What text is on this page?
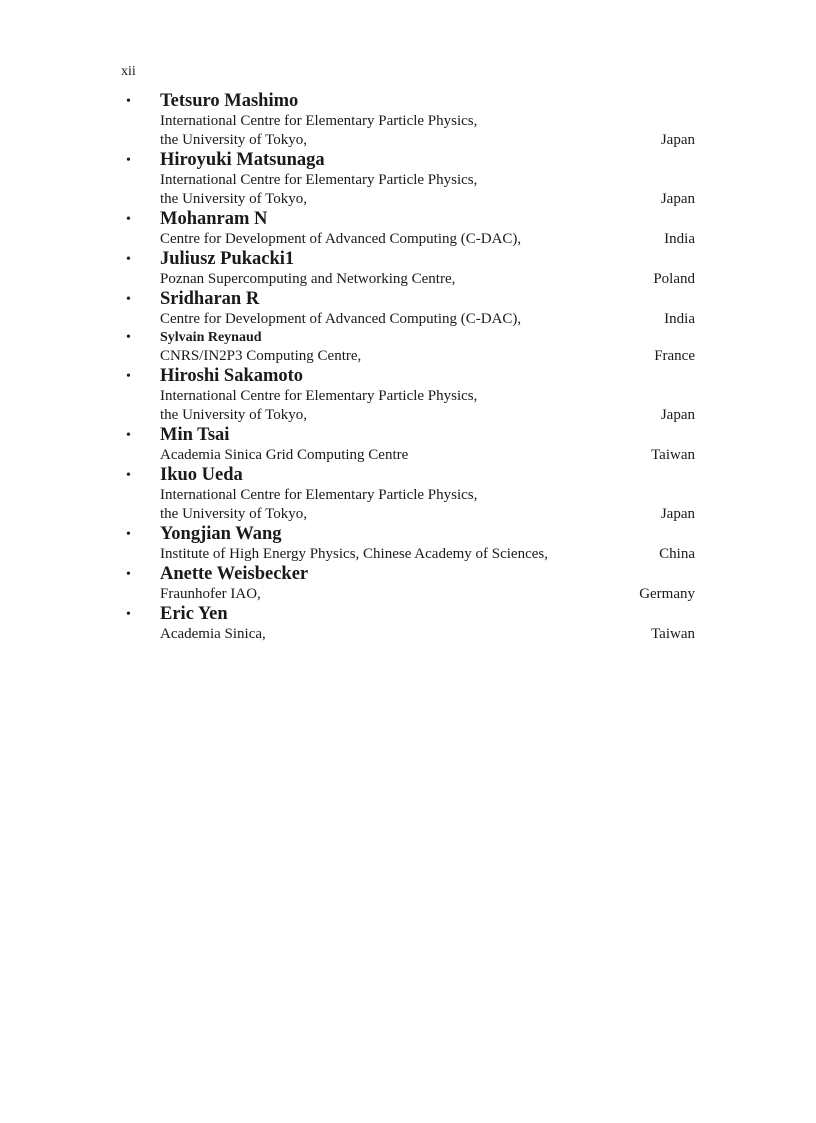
xii
• Tetsuro Mashimo
International Centre for Elementary Particle Physics,
the University of Tokyo,	Japan
• Hiroyuki Matsunaga
International Centre for Elementary Particle Physics,
the University of Tokyo,	Japan
• Mohanram N
Centre for Development of Advanced Computing (C-DAC),	India
• Juliusz Pukacki1
Poznan Supercomputing and Networking Centre,	Poland
• Sridharan R
Centre for Development of Advanced Computing (C-DAC),	India
• Sylvain Reynaud
CNRS/IN2P3 Computing Centre,	France
• Hiroshi Sakamoto
International Centre for Elementary Particle Physics,
the University of Tokyo,	Japan
• Min Tsai
Academia Sinica Grid Computing Centre	Taiwan
• Ikuo Ueda
International Centre for Elementary Particle Physics,
the University of Tokyo,	Japan
• Yongjian Wang
Institute of High Energy Physics, Chinese Academy of Sciences,	China
• Anette Weisbecker
Fraunhofer IAO,	Germany
• Eric Yen
Academia Sinica,	Taiwan
